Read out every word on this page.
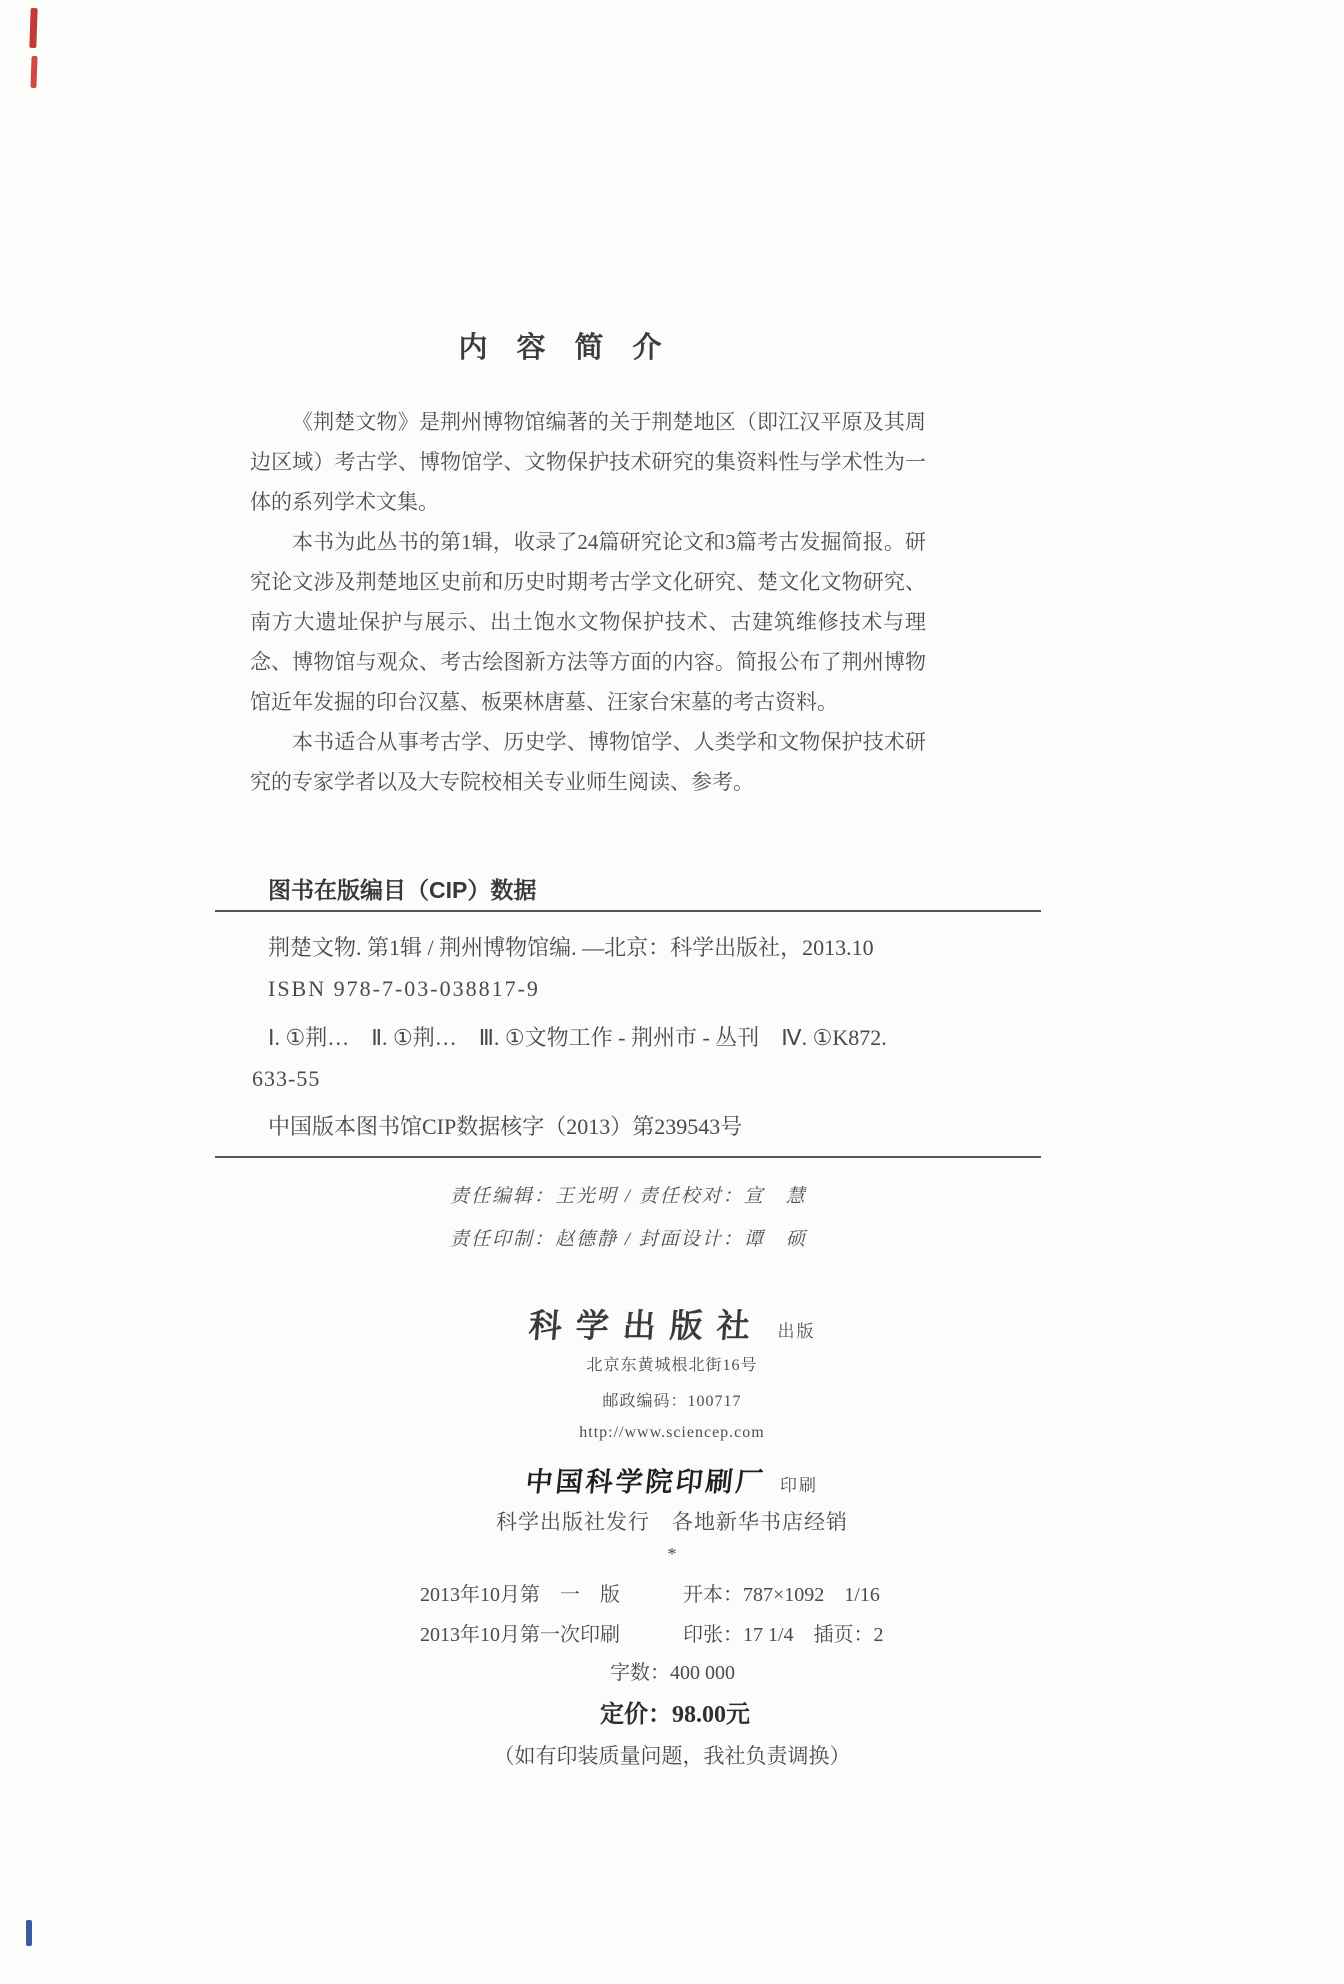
内　容　简　介

《荆楚文物》是荆州博物馆编著的关于荆楚地区（即江汉平原及其周边区域）考古学、博物馆学、文物保护技术研究的集资料性与学术性为一体的系列学术文集。

本书为此丛书的第1辑，收录了24篇研究论文和3篇考古发掘简报。研究论文涉及荆楚地区史前和历史时期考古学文化研究、楚文化文物研究、南方大遗址保护与展示、出土饱水文物保护技术、古建筑维修技术与理念、博物馆与观众、考古绘图新方法等方面的内容。简报公布了荆州博物馆近年发掘的印台汉墓、板栗林唐墓、汪家台宋墓的考古资料。

本书适合从事考古学、历史学、博物馆学、人类学和文物保护技术研究的专家学者以及大专院校相关专业师生阅读、参考。

图书在版编目（CIP）数据
荆楚文物. 第1辑 / 荆州博物馆编. —北京：科学出版社，2013.10
ISBN 978-7-03-038817-9
Ⅰ. ①荆…　Ⅱ. ①荆…　Ⅲ. ①文物工作 - 荆州市 - 丛刊　Ⅳ. ①K872.
633-55
中国版本图书馆CIP数据核字（2013）第239543号
责任编辑：王光明 / 责任校对：宣　慧
责任印制：赵德静 / 封面设计：谭　硕
科学出版社 出版
北京东黄城根北街16号
邮政编码：100717
http://www.sciencep.com
中国科学院印刷厂 印刷
科学出版社发行　各地新华书店经销
*
2013年10月第　一　版	开本：787×1092　1/16
2013年10月第一次印刷	印张：17 1/4　插页：2
字数：400 000
定价：98.00元
（如有印装质量问题，我社负责调换）
